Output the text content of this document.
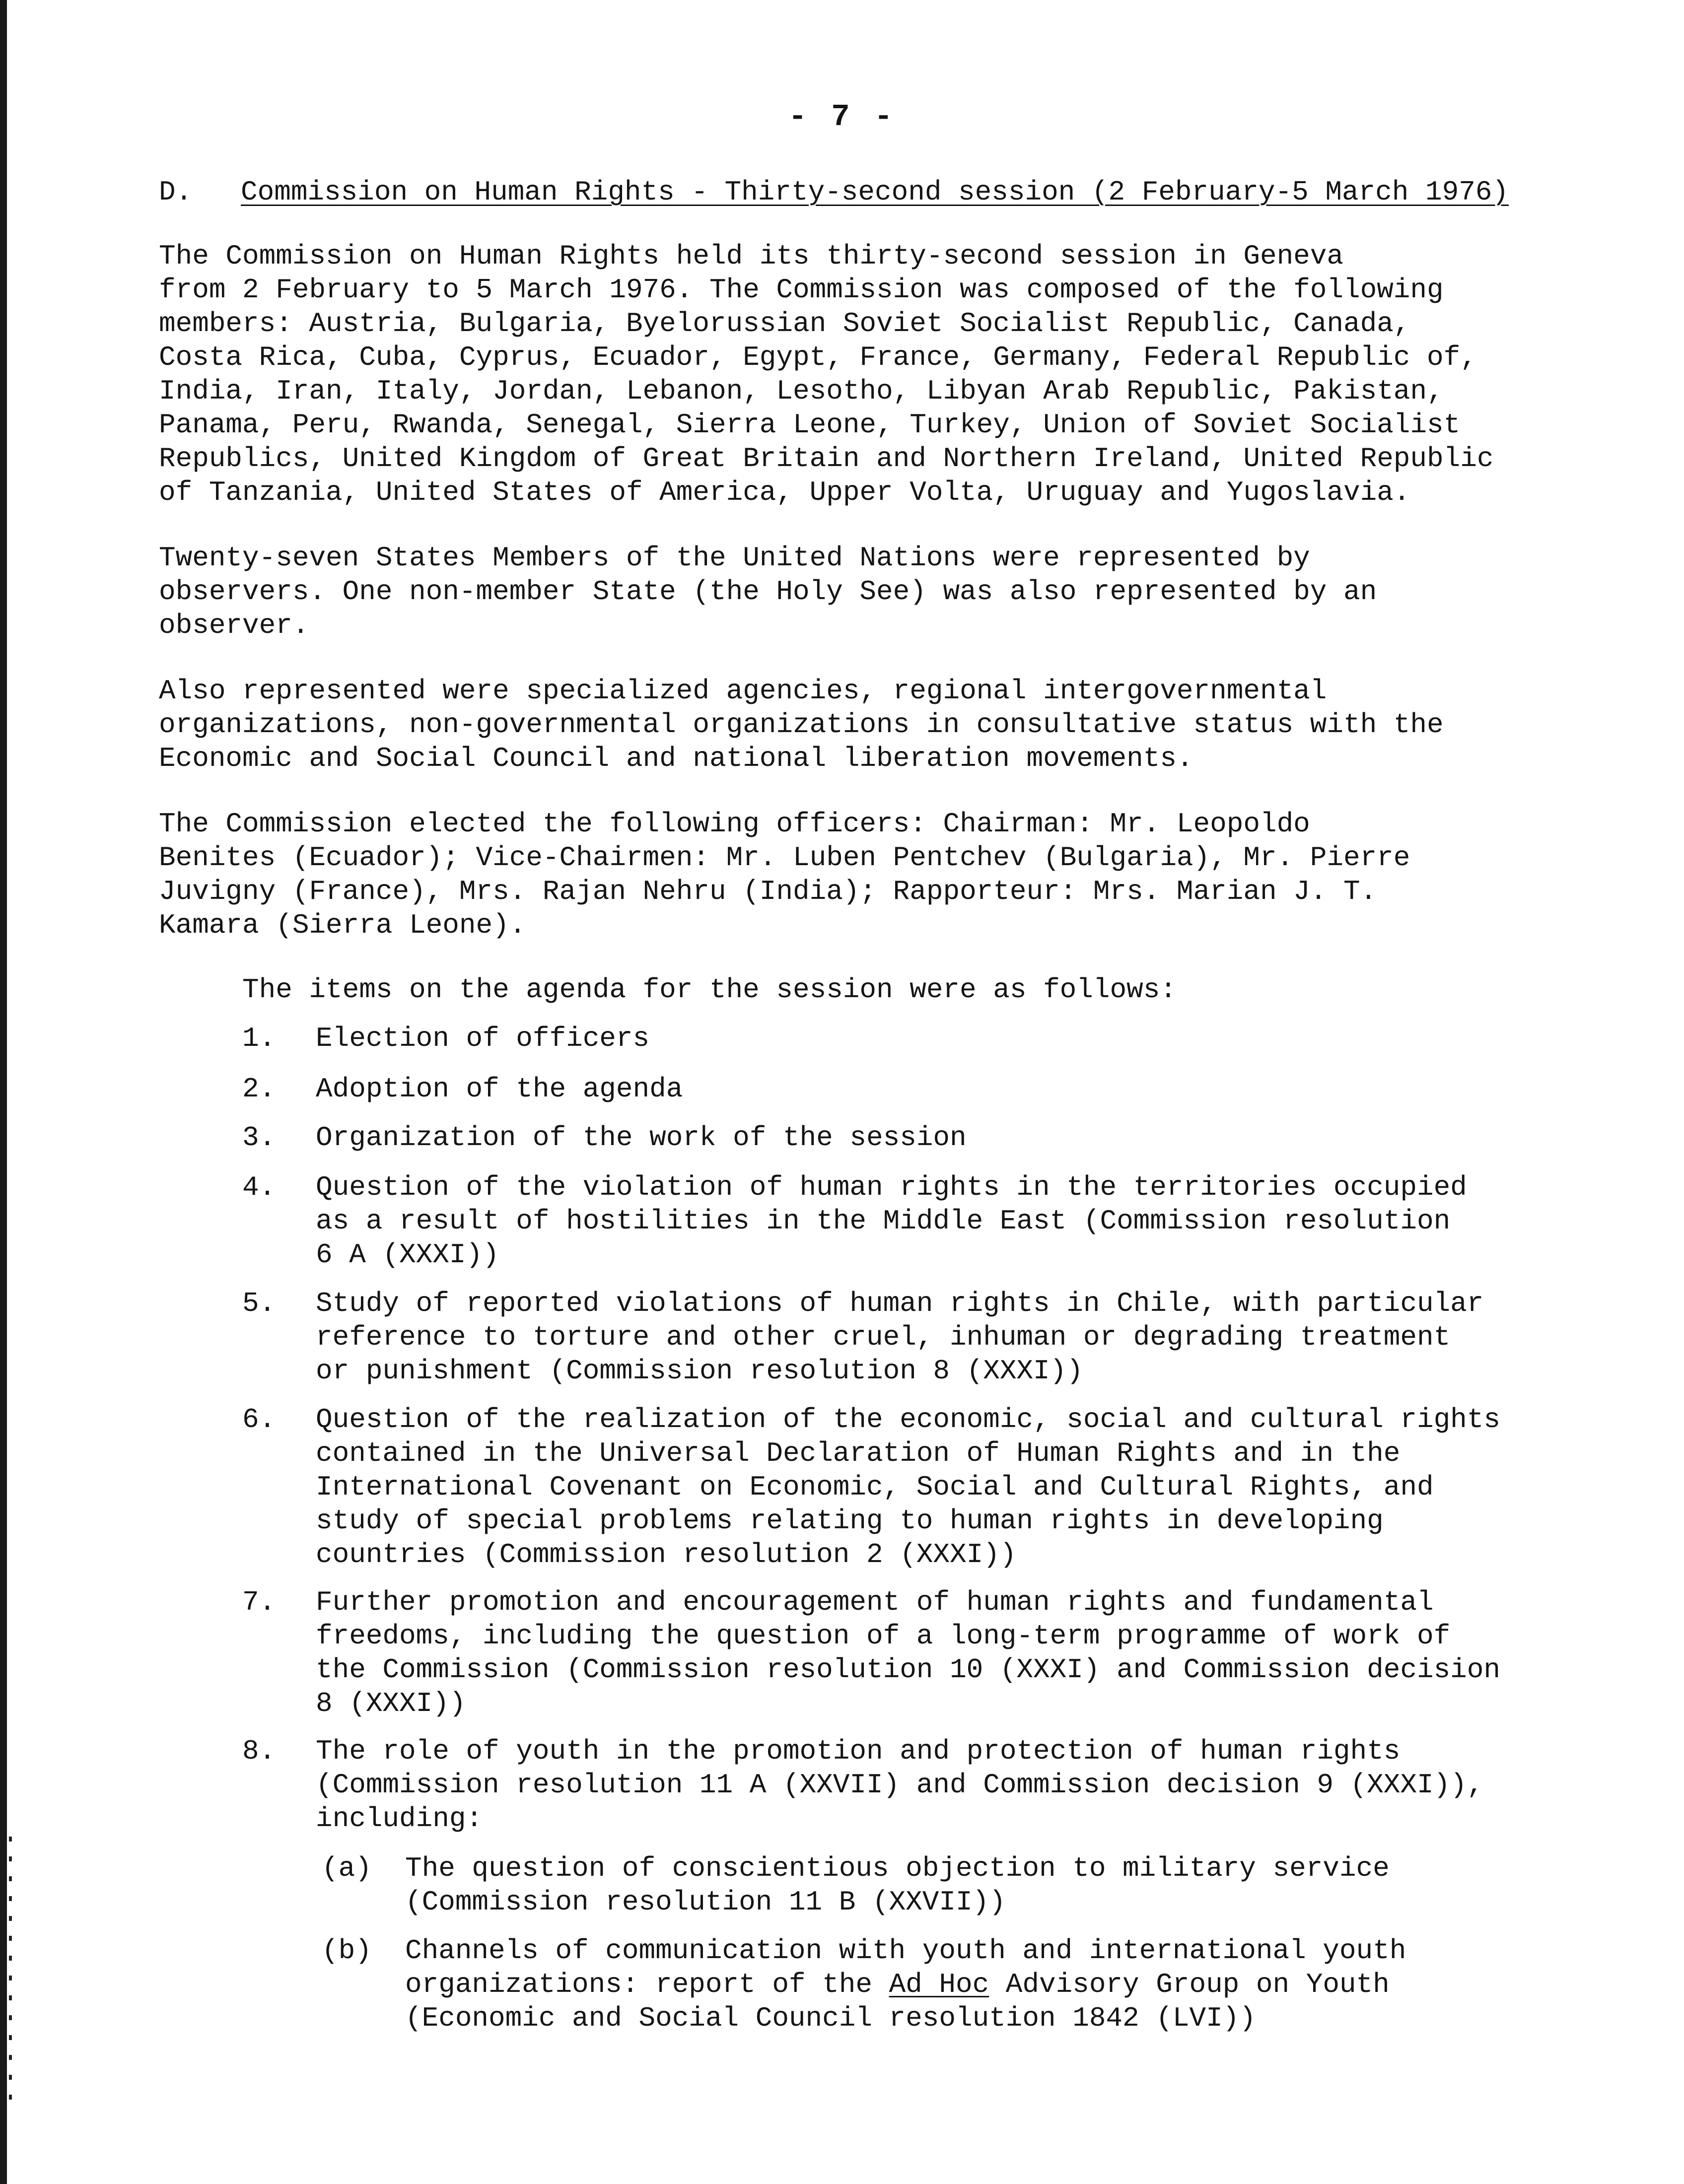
- 7 -
D. Commission on Human Rights - Thirty-second session (2 February-5 March 1976)

The Commission on Human Rights held its thirty-second session in Geneva
from 2 February to 5 March 1976. The Commission was composed of the following
members: Austria, Bulgaria, Byelorussian Soviet Socialist Republic, Canada,
Costa Rica, Cuba, Cyprus, Ecuador, Egypt, France, Germany, Federal Republic of,
India, Iran, Italy, Jordan, Lebanon, Lesotho, Libyan Arab Republic, Pakistan,
Panama, Peru, Rwanda, Senegal, Sierra Leone, Turkey, Union of Soviet Socialist
Republics, United Kingdom of Great Britain and Northern Ireland, United Republic
of Tanzania, United States of America, Upper Volta, Uruguay and Yugoslavia.

Twenty-seven States Members of the United Nations were represented by
observers. One non-member State (the Holy See) was also represented by an
observer.

Also represented were specialized agencies, regional intergovernmental
organizations, non-governmental organizations in consultative status with the
Economic and Social Council and national liberation movements.

The Commission elected the following officers: Chairman: Mr. Leopoldo
Benites (Ecuador); Vice-Chairmen: Mr. Luben Pentchev (Bulgaria), Mr. Pierre
Juvigny (France), Mrs. Rajan Nehru (India); Rapporteur: Mrs. Marian J. T.
Kamara (Sierra Leone).

The items on the agenda for the session were as follows:

1. Election of officers
2. Adoption of the agenda
3. Organization of the work of the session
4. Question of the violation of human rights in the territories occupied
as a result of hostilities in the Middle East (Commission resolution
6 A (XXXI))
5. Study of reported violations of human rights in Chile, with particular
reference to torture and other cruel, inhuman or degrading treatment
or punishment (Commission resolution 8 (XXXI))
6. Question of the realization of the economic, social and cultural rights
contained in the Universal Declaration of Human Rights and in the
International Covenant on Economic, Social and Cultural Rights, and
study of special problems relating to human rights in developing
countries (Commission resolution 2 (XXXI))
7. Further promotion and encouragement of human rights and fundamental
freedoms, including the question of a long-term programme of work of
the Commission (Commission resolution 10 (XXXI) and Commission decision
8 (XXXI))
8. The role of youth in the promotion and protection of human rights
(Commission resolution 11 A (XXVII) and Commission decision 9 (XXXI)),
including:
(a) The question of conscientious objection to military service
(Commission resolution 11 B (XXVII))
(b) Channels of communication with youth and international youth
organizations: report of the Ad Hoc Advisory Group on Youth
(Economic and Social Council resolution 1842 (LVI))
